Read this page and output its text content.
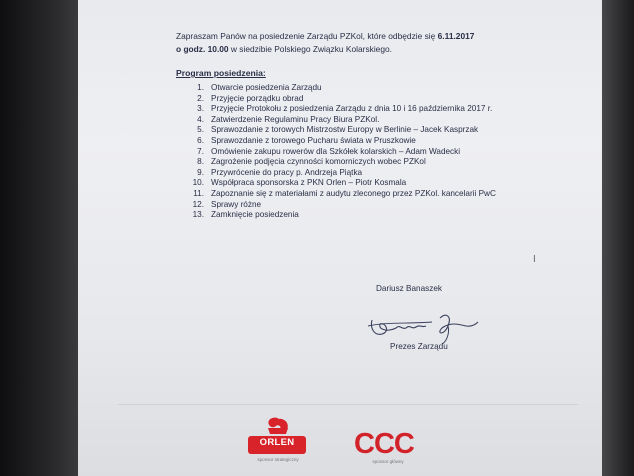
Zapraszam Panów na posiedzenie Zarządu PZKol, które odbędzie się 6.11.2017
o godz. 10.00 w siedzibie Polskiego Związku Kolarskiego.
Program posiedzenia:
1. Otwarcie posiedzenia Zarządu
2. Przyjęcie porządku obrad
3. Przyjęcie Protokołu z posiedzenia Zarządu z dnia 10 i 16 października 2017 r.
4. Zatwierdzenie Regulaminu Pracy Biura PZKol.
5. Sprawozdanie z torowych Mistrzostw Europy w Berlinie – Jacek Kasprzak
6. Sprawozdanie z torowego Pucharu świata w Pruszkowie
7. Omówienie zakupu rowerów dla Szkółek kolarskich – Adam Wadecki
8. Zagrożenie podjęcia czynności komorniczych wobec PZKol
9. Przywrócenie do pracy p. Andrzeja Piątka
10. Współpraca sponsorska z PKN Orlen – Piotr Kosmala
11. Zapoznanie się z materiałami z audytu zleconego przez PZKol. kancelarii PwC
12. Sprawy różne
13. Zamknięcie posiedzenia
I
Dariusz Banaszek
Prezes Zarządu
ORLEN
sponsor strategiczny CCC
sponsor główny
